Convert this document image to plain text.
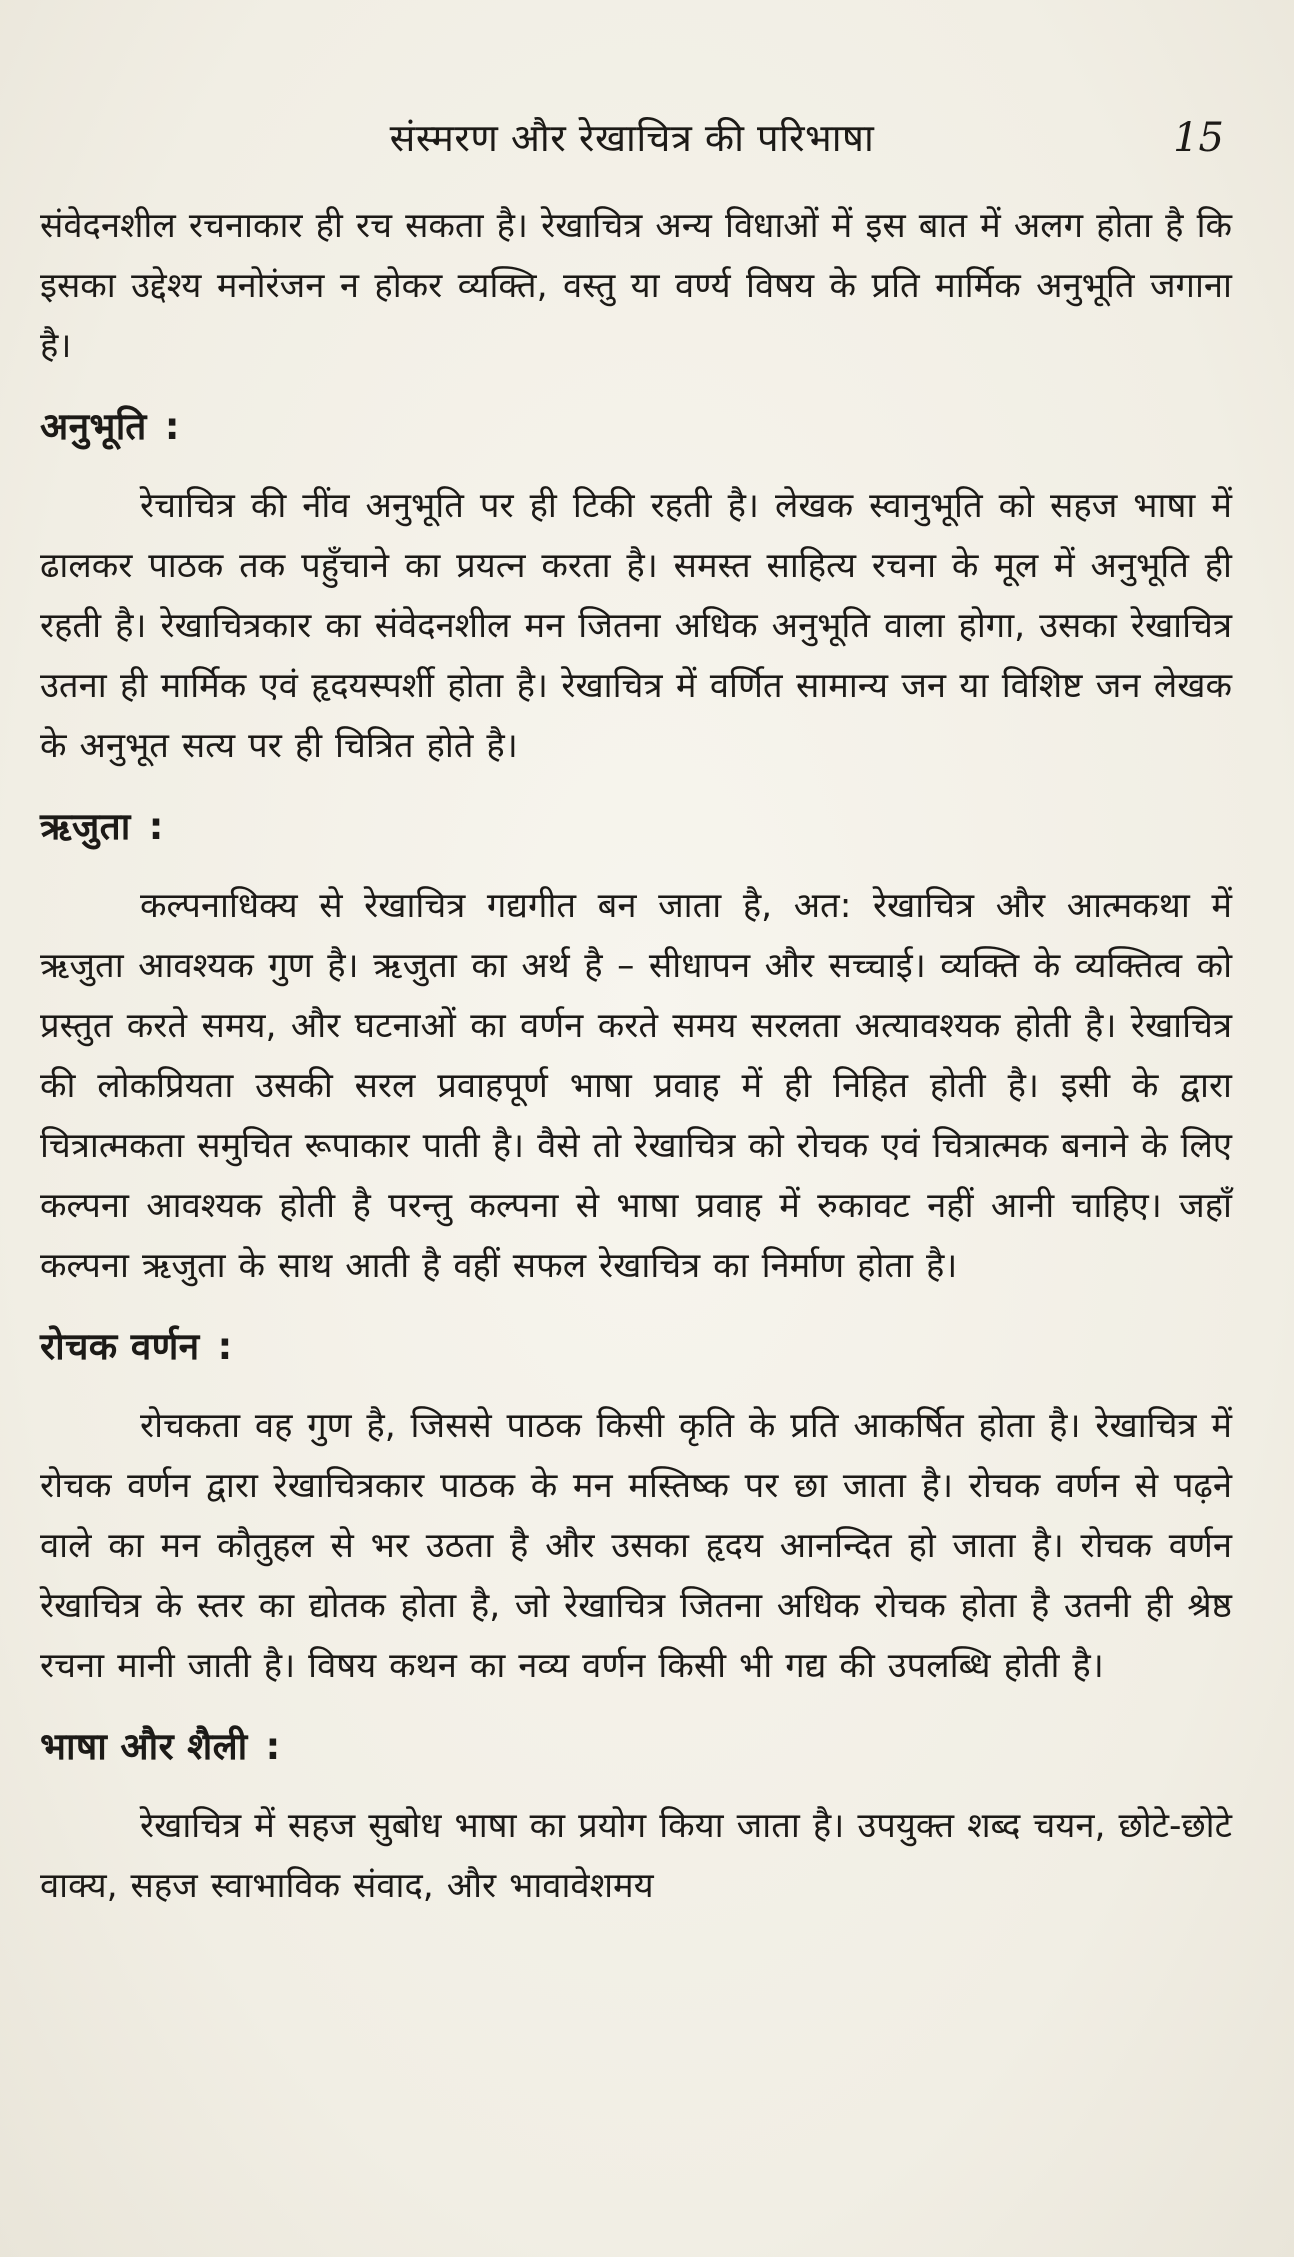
संस्मरण और रेखाचित्र की परिभाषा	15

संवेदनशील रचनाकार ही रच सकता है। रेखाचित्र अन्य विधाओं में इस बात में अलग होता है कि इसका उद्देश्य मनोरंजन न होकर व्यक्ति, वस्तु या वर्ण्य विषय के प्रति मार्मिक अनुभूति जगाना है।

अनुभूति :

रेचाचित्र की नींव अनुभूति पर ही टिकी रहती है। लेखक स्वानुभूति को सहज भाषा में ढालकर पाठक तक पहुँचाने का प्रयत्न करता है। समस्त साहित्य रचना के मूल में अनुभूति ही रहती है। रेखाचित्रकार का संवेदनशील मन जितना अधिक अनुभूति वाला होगा, उसका रेखाचित्र उतना ही मार्मिक एवं हृदयस्पर्शी होता है। रेखाचित्र में वर्णित सामान्य जन या विशिष्ट जन लेखक के अनुभूत सत्य पर ही चित्रित होते है।

ऋजुता :

कल्पनाधिक्य से रेखाचित्र गद्यगीत बन जाता है, अत: रेखाचित्र और आत्मकथा में ऋजुता आवश्यक गुण है। ऋजुता का अर्थ है – सीधापन और सच्चाई। व्यक्ति के व्यक्तित्व को प्रस्तुत करते समय, और घटनाओं का वर्णन करते समय सरलता अत्यावश्यक होती है। रेखाचित्र की लोकप्रियता उसकी सरल प्रवाहपूर्ण भाषा प्रवाह में ही निहित होती है। इसी के द्वारा चित्रात्मकता समुचित रूपाकार पाती है। वैसे तो रेखाचित्र को रोचक एवं चित्रात्मक बनाने के लिए कल्पना आवश्यक होती है परन्तु कल्पना से भाषा प्रवाह में रुकावट नहीं आनी चाहिए। जहाँ कल्पना ऋजुता के साथ आती है वहीं सफल रेखाचित्र का निर्माण होता है।

रोचक वर्णन :

रोचकता वह गुण है, जिससे पाठक किसी कृति के प्रति आकर्षित होता है। रेखाचित्र में रोचक वर्णन द्वारा रेखाचित्रकार पाठक के मन मस्तिष्क पर छा जाता है। रोचक वर्णन से पढ़ने वाले का मन कौतुहल से भर उठता है और उसका हृदय आनन्दित हो जाता है। रोचक वर्णन रेखाचित्र के स्तर का द्योतक होता है, जो रेखाचित्र जितना अधिक रोचक होता है उतनी ही श्रेष्ठ रचना मानी जाती है। विषय कथन का नव्य वर्णन किसी भी गद्य की उपलब्धि होती है।

भाषा और शैली :

रेखाचित्र में सहज सुबोध भाषा का प्रयोग किया जाता है। उपयुक्त शब्द चयन, छोटे-छोटे वाक्य, सहज स्वाभाविक संवाद, और भावावेशमय
